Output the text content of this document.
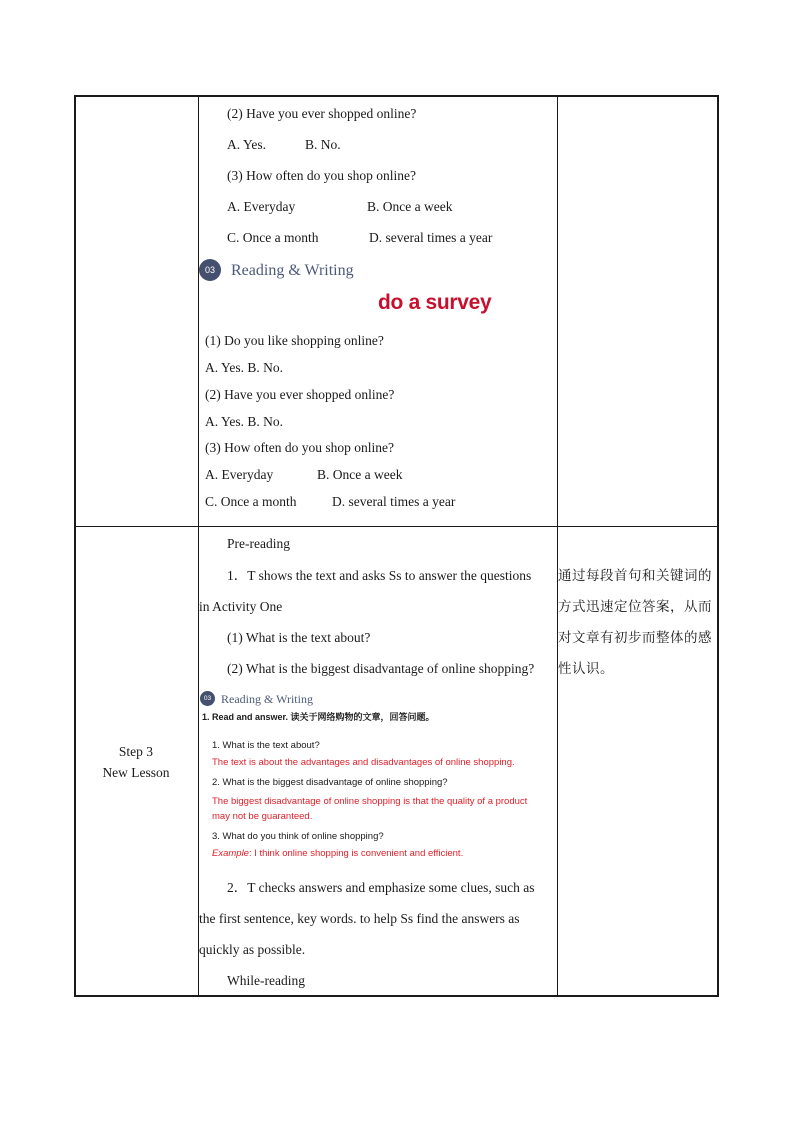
(2) Have you ever shopped online?
A. Yes.	B. No.
(3) How often do you shop online?
A. Everyday	B. Once a week
C. Once a month	D. several times a year
03	Reading & Writing
do a survey
(1) Do you like shopping online?
A. Yes. B. No.
(2) Have you ever shopped online?
A. Yes. B. No.
(3) How often do you shop online?
A. Everyday	B. Once a week
C. Once a month	D. several times a year
Step 3
New Lesson
Pre-reading
1．T shows the text and asks Ss to answer the questions
in Activity One
(1) What is the text about?
(2) What is the biggest disadvantage of online shopping?
03 Reading & Writing
1. Read and answer. 读关于网络购物的文章，回答问题。
1. What is the text about?
The text is about the advantages and disadvantages of online shopping.
2. What is the biggest disadvantage of online shopping?
The biggest disadvantage of online shopping is that the quality of a product
may not be guaranteed.
3. What do you think of online shopping?
Example: I think online shopping is convenient and efficient.
2．T checks answers and emphasize some clues, such as
the first sentence, key words. to help Ss find the answers as
quickly as possible.
While-reading
通过每段首句和关键词的
方式迅速定位答案，从而
对文章有初步而整体的感
性认识。
